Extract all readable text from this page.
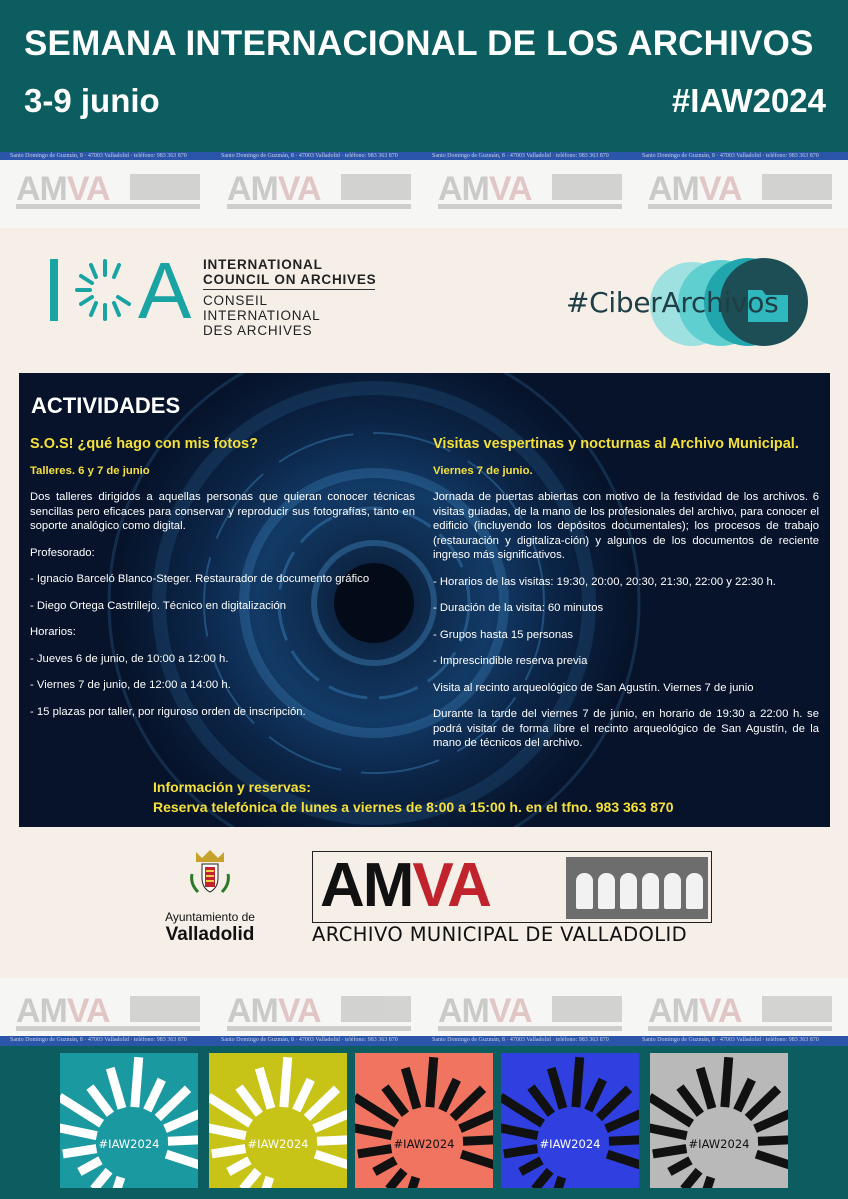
SEMANA INTERNACIONAL DE LOS ARCHIVOS
3-9 junio	#IAW2024
Santo Domingo de Guzmán, 8 · 47003 Valladolid · teléfono: 983 363 870	Santo Domingo de Guzmán, 8 · 47003 Valladolid · teléfono: 983 363 870	Santo Domingo de Guzmán, 8 · 47003 Valladolid · teléfono: 983 363 870	Santo Domingo de Guzmán, 8 · 47003 Valladolid · teléfono: 983 363 870
AMVA	AMVA	AMVA	AMVA
A INTERNATIONAL
COUNCIL ON ARCHIVES
CONSEIL INTERNATIONAL
DES ARCHIVES
#CiberArchivos
ACTIVIDADES

S.O.S! ¿qué hago con mis fotos?

Talleres. 6 y 7 de junio

Dos talleres dirigidos a aquellas personas que quieran conocer técnicas sencillas pero eficaces para conservar y reproducir sus fotografías, tanto en soporte analógico como digital.

Profesorado:

- Ignacio Barceló Blanco-Steger. Restaurador de documento gráfico

- Diego Ortega Castrillejo. Técnico en digitalización

Horarios:

- Jueves 6 de junio, de 10:00 a 12:00 h.

- Viernes 7 de junio, de 12:00 a 14:00 h.

- 15 plazas por taller, por riguroso orden de inscripción.

Visitas vespertinas y nocturnas al Archivo Municipal.

Viernes 7 de junio.

Jornada de puertas abiertas con motivo de la festividad de los archivos. 6 visitas guiadas, de la mano de los profesionales del archivo, para conocer el edificio (incluyendo los depósitos documentales); los procesos de trabajo (restauración y digitaliza-ción) y algunos de los documentos de reciente ingreso más significativos.

- Horarios de las visitas: 19:30, 20:00, 20:30, 21:30, 22:00 y 22:30 h.

- Duración de la visita: 60 minutos

- Grupos hasta 15 personas

- Imprescindible reserva previa

Visita al recinto arqueológico de San Agustín. Viernes 7 de junio

Durante la tarde del viernes 7 de junio, en horario de 19:30 a 22:00 h. se podrá visitar de forma libre el recinto arqueológico de San Agustín, de la mano de técnicos del archivo.

Información y reservas:
Reserva telefónica de lunes a viernes de 8:00 a 15:00 h. en el tfno. 983 363 870
Ayuntamiento de
Valladolid
AMVA
ARCHIVO MUNICIPAL DE VALLADOLID
AMVA	AMVA	AMVA	AMVA
Santo Domingo de Guzmán, 8 · 47003 Valladolid · teléfono: 983 363 870	Santo Domingo de Guzmán, 8 · 47003 Valladolid · teléfono: 983 363 870	Santo Domingo de Guzmán, 8 · 47003 Valladolid · teléfono: 983 363 870	Santo Domingo de Guzmán, 8 · 47003 Valladolid · teléfono: 983 363 870
#IAW2024	#IAW2024	#IAW2024	#IAW2024	#IAW2024
